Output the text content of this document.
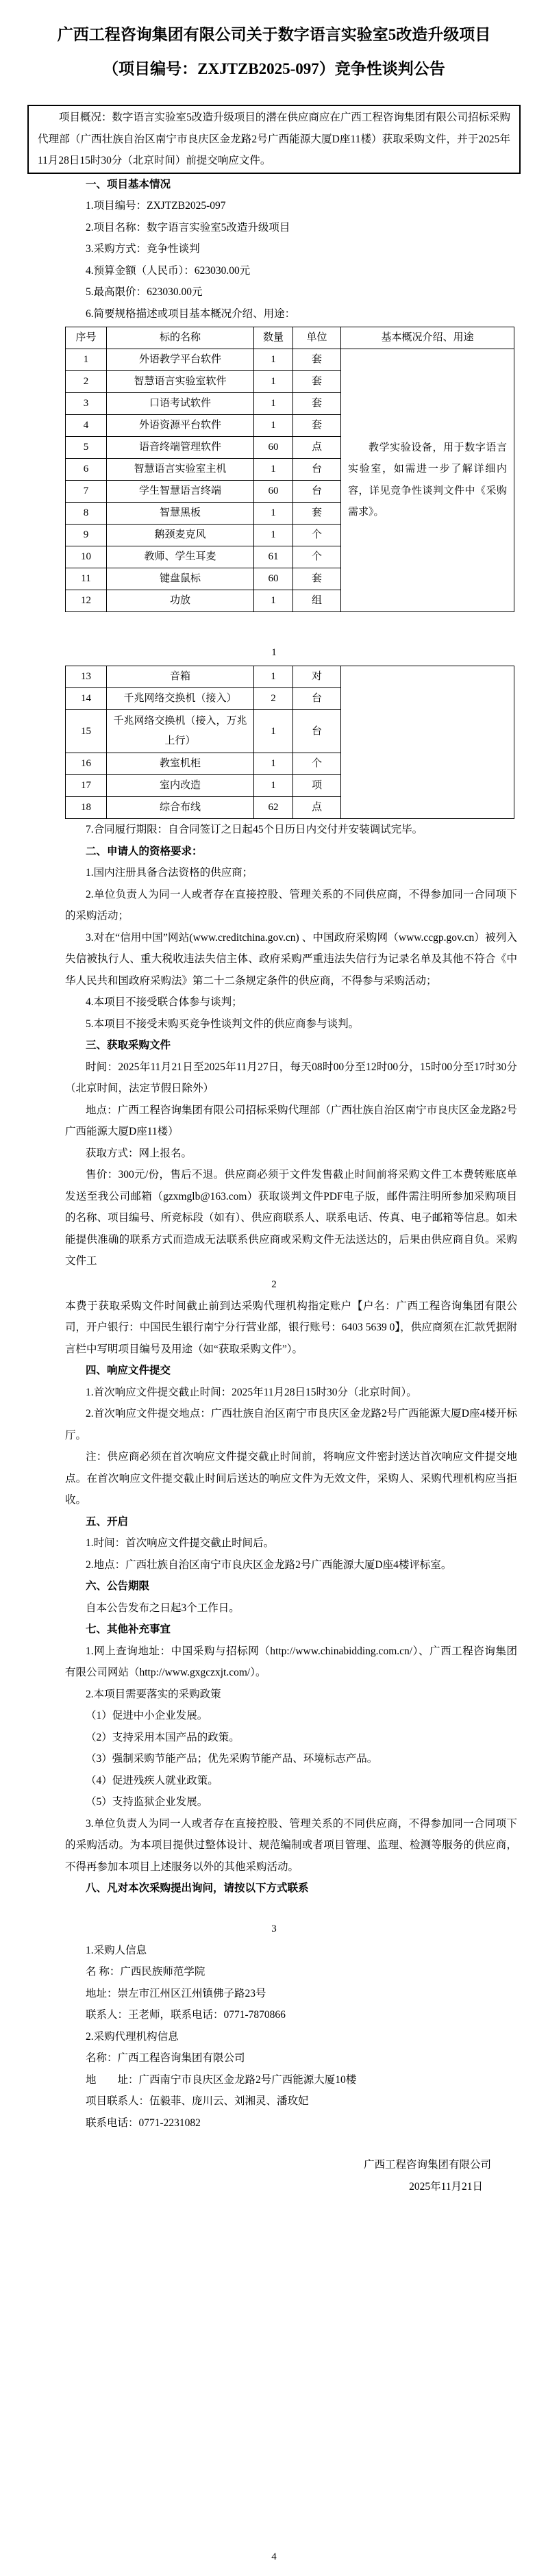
广西工程咨询集团有限公司关于数字语言实验室5改造升级项目
（项目编号：ZXJTZB2025-097）竞争性谈判公告
项目概况：数字语言实验室5改造升级项目的潜在供应商应在广西工程咨询集团有限公司招标采购代理部（广西壮族自治区南宁市良庆区金龙路2号广西能源大厦D座11楼）获取采购文件，并于2025年11月28日15时30分（北京时间）前提交响应文件。

一、项目基本情况

1.项目编号：ZXJTZB2025-097

2.项目名称：数字语言实验室5改造升级项目

3.采购方式：竞争性谈判

4.预算金额（人民币）：623030.00元

5.最高限价：623030.00元

6.简要规格描述或项目基本概况介绍、用途：

序号	标的名称	数量	单位	基本概况介绍、用途
1	外语教学平台软件	1	套	教学实验设备，用于数字语言实验室，如需进一步了解详细内容，详见竞争性谈判文件中《采购需求》。
2	智慧语言实验室软件	1	套	
3	口语考试软件	1	套	
4	外语资源平台软件	1	套	
5	语音终端管理软件	60	点	
6	智慧语言实验室主机	1	台	
7	学生智慧语言终端	60	台	
8	智慧黑板	1	套	
9	鹅颈麦克风	1	个	
10	教师、学生耳麦	61	个	
11	键盘鼠标	60	套	
12	功放	1	组	

1

13	音箱	1	对	
14	千兆网络交换机（接入）	2	台	
15	千兆网络交换机（接入，万兆上行）	1	台	
16	教室机柜	1	个	
17	室内改造	1	项	
18	综合布线	62	点	

7.合同履行期限：自合同签订之日起45个日历日内交付并安装调试完毕。

二、申请人的资格要求：

1.国内注册具备合法资格的供应商；

2.单位负责人为同一人或者存在直接控股、管理关系的不同供应商，不得参加同一合同项下的采购活动；

3.对在“信用中国”网站(www.creditchina.gov.cn) 、中国政府采购网（www.ccgp.gov.cn）被列入失信被执行人、重大税收违法失信主体、政府采购严重违法失信行为记录名单及其他不符合《中华人民共和国政府采购法》第二十二条规定条件的供应商，不得参与采购活动；

4.本项目不接受联合体参与谈判；

5.本项目不接受未购买竞争性谈判文件的供应商参与谈判。

三、获取采购文件

时间：2025年11月21日至2025年11月27日，每天08时00分至12时00分，15时00分至17时30分（北京时间，法定节假日除外）

地点：广西工程咨询集团有限公司招标采购代理部（广西壮族自治区南宁市良庆区金龙路2号广西能源大厦D座11楼）

获取方式：网上报名。

售价：300元/份，售后不退。供应商必须于文件发售截止时间前将采购文件工本费转账底单发送至我公司邮箱（gzxmglb@163.com）获取谈判文件PDF电子版，邮件需注明所参加采购项目的名称、项目编号、所竞标段（如有）、供应商联系人、联系电话、传真、电子邮箱等信息。如未能提供准确的联系方式而造成无法联系供应商或采购文件无法送达的，后果由供应商自负。采购文件工

2

本费于获取采购文件时间截止前到达采购代理机构指定账户【户名：广西工程咨询集团有限公司，开户银行：中国民生银行南宁分行营业部，银行账号：6403 5639 0】，供应商须在汇款凭据附言栏中写明项目编号及用途（如“获取采购文件”）。

四、响应文件提交

1.首次响应文件提交截止时间：2025年11月28日15时30分（北京时间）。

2.首次响应文件提交地点：广西壮族自治区南宁市良庆区金龙路2号广西能源大厦D座4楼开标厅。

注：供应商必须在首次响应文件提交截止时间前，将响应文件密封送达首次响应文件提交地点。在首次响应文件提交截止时间后送达的响应文件为无效文件，采购人、采购代理机构应当拒收。

五、开启

1.时间：首次响应文件提交截止时间后。

2.地点：广西壮族自治区南宁市良庆区金龙路2号广西能源大厦D座4楼评标室。

六、公告期限

自本公告发布之日起3个工作日。

七、其他补充事宜

1.网上查询地址：中国采购与招标网（http://www.chinabidding.com.cn/）、广西工程咨询集团有限公司网站（http://www.gxgczxjt.com/）。

2.本项目需要落实的采购政策

（1）促进中小企业发展。

（2）支持采用本国产品的政策。

（3）强制采购节能产品；优先采购节能产品、环境标志产品。

（4）促进残疾人就业政策。

（5）支持监狱企业发展。

3.单位负责人为同一人或者存在直接控股、管理关系的不同供应商，不得参加同一合同项下的采购活动。为本项目提供过整体设计、规范编制或者项目管理、监理、检测等服务的供应商，不得再参加本项目上述服务以外的其他采购活动。

八、凡对本次采购提出询问，请按以下方式联系

3

1.采购人信息

名 称：广西民族师范学院

地址：崇左市江州区江州镇佛子路23号

联系人：王老师，联系电话：0771-7870866

2.采购代理机构信息

名称：广西工程咨询集团有限公司

地　　址：广西南宁市良庆区金龙路2号广西能源大厦10楼

项目联系人：伍毅菲、庞川云、刘湘灵、潘玫妃

联系电话：0771-2231082

广西工程咨询集团有限公司

2025年11月21日

4
